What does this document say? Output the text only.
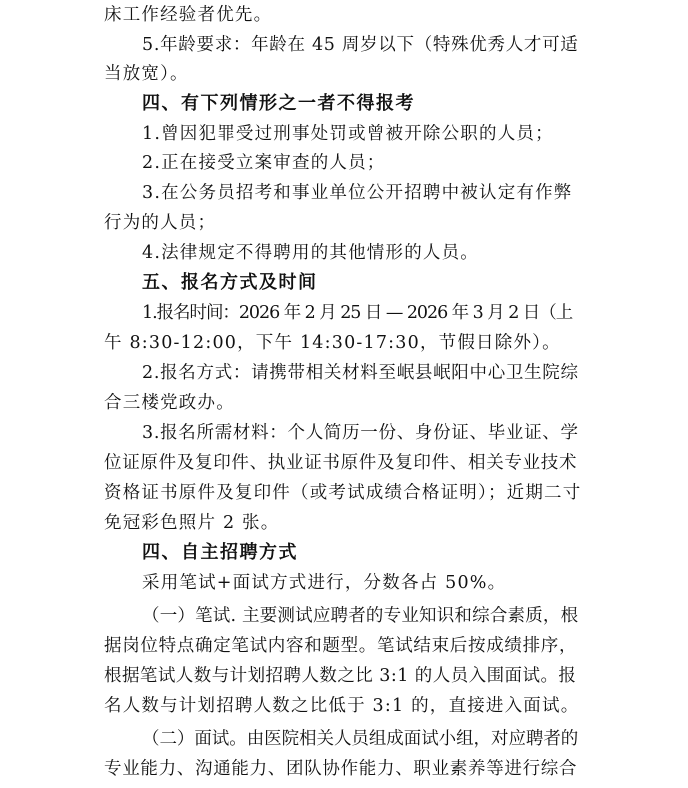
床工作经验者优先。
5.年龄要求：年龄在 45 周岁以下（特殊优秀人才可适
当放宽）。
四、有下列情形之一者不得报考
1.曾因犯罪受过刑事处罚或曾被开除公职的人员；
2.正在接受立案审查的人员；
3.在公务员招考和事业单位公开招聘中被认定有作弊
行为的人员；
4.法律规定不得聘用的其他情形的人员。
五、报名方式及时间
1.报名时间：2026 年 2 月 25 日 — 2026 年 3 月 2 日（上
午 8:30-12:00，下午 14:30-17:30，节假日除外）。
2.报名方式：请携带相关材料至岷县岷阳中心卫生院综
合三楼党政办。
3.报名所需材料：个人简历一份、身份证、毕业证、学
位证原件及复印件、执业证书原件及复印件、相关专业技术
资格证书原件及复印件（或考试成绩合格证明）；近期二寸
免冠彩色照片 2 张。
四、自主招聘方式
采用笔试+面试方式进行，分数各占 50%。
（一）笔试. 主要测试应聘者的专业知识和综合素质，根
据岗位特点确定笔试内容和题型。笔试结束后按成绩排序，
根据笔试人数与计划招聘人数之比 3:1 的人员入围面试。报
名人数与计划招聘人数之比低于 3:1 的，直接进入面试。
（二）面试。由医院相关人员组成面试小组，对应聘者的
专业能力、沟通能力、团队协作能力、职业素养等进行综合
